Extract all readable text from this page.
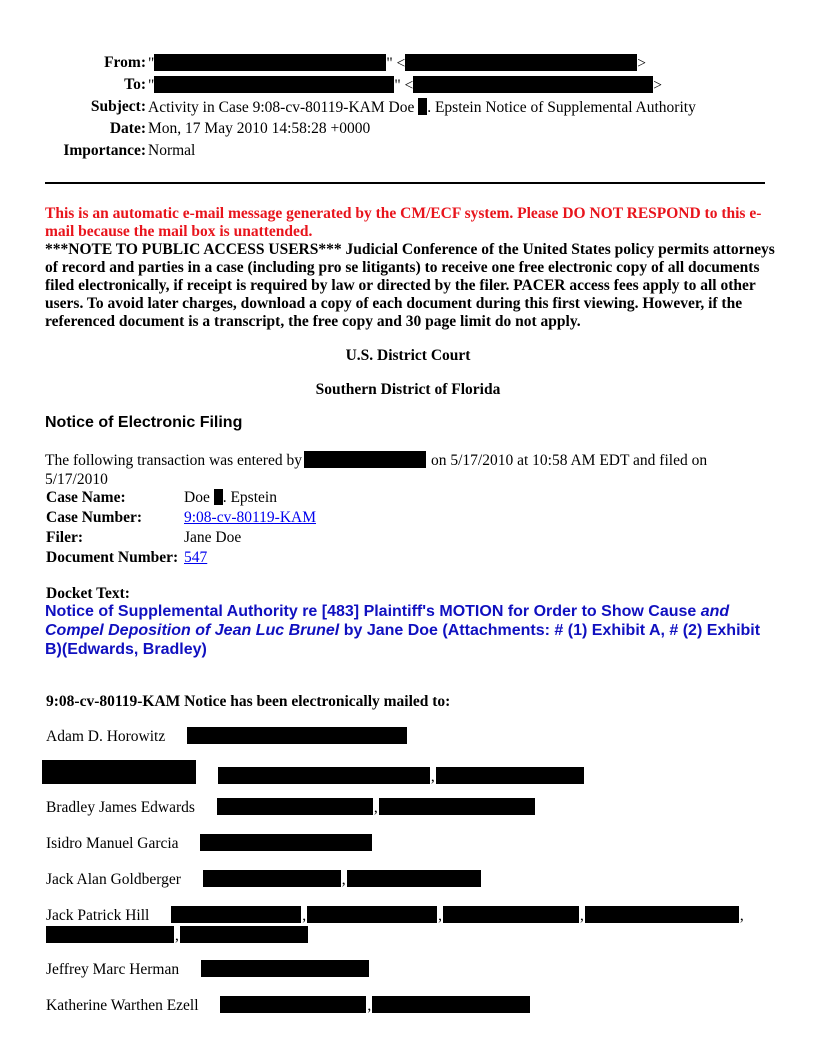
From: "	" <	>
To: "	" <	>
Subject: Activity in Case 9:08-cv-80119-KAM Doe . Epstein Notice of Supplemental Authority
Date: Mon, 17 May 2010 14:58:28 +0000
Importance: Normal
This is an automatic e-mail message generated by the CM/ECF system. Please DO NOT RESPOND to this e-mail because the mail box is unattended.
***NOTE TO PUBLIC ACCESS USERS*** Judicial Conference of the United States policy permits attorneys of record and parties in a case (including pro se litigants) to receive one free electronic copy of all documents filed electronically, if receipt is required by law or directed by the filer. PACER access fees apply to all other users. To avoid later charges, download a copy of each document during this first viewing. However, if the referenced document is a transcript, the free copy and 30 page limit do not apply.
U.S. District Court
Southern District of Florida
Notice of Electronic Filing
The following transaction was entered by	on 5/17/2010 at 10:58 AM EDT and filed on 5/17/2010
Case Name:	Doe . Epstein
Case Number:	9:08-cv-80119-KAM
Filer:	Jane Doe
Document Number: 547
Docket Text:
Notice of Supplemental Authority re [483] Plaintiff's MOTION for Order to Show Cause and Compel Deposition of Jean Luc Brunel by Jane Doe (Attachments: # (1) Exhibit A, # (2) Exhibit B)(Edwards, Bradley)
9:08-cv-80119-KAM Notice has been electronically mailed to:
Adam D. Horowitz
,
Bradley James Edwards	,
Isidro Manuel Garcia
Jack Alan Goldberger	,
Jack Patrick Hill	,	,	,	,,
Jeffrey Marc Herman
Katherine Warthen Ezell	,
